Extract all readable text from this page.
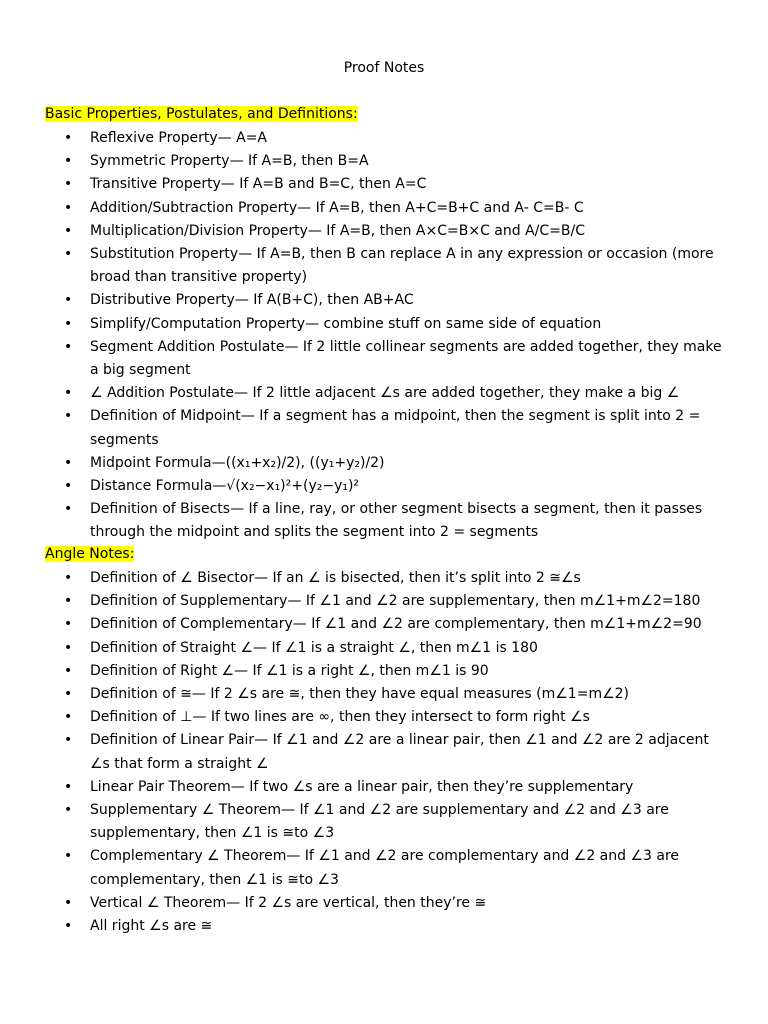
Proof Notes
Basic Properties, Postulates, and Definitions:
• Reflexive Property— A=A
• Symmetric Property— If A=B, then B=A
• Transitive Property— If A=B and B=C, then A=C
• Addition/Subtraction Property— If A=B, then A+C=B+C and A- C=B- C
• Multiplication/Division Property— If A=B, then A×C=B×C and A/C=B/C
• Substitution Property— If A=B, then B can replace A in any expression or occasion (more broad than transitive property)
• Distributive Property— If A(B+C), then AB+AC
• Simplify/Computation Property— combine stuff on same side of equation
• Segment Addition Postulate— If 2 little collinear segments are added together, they make a big segment
• ∠ Addition Postulate— If 2 little adjacent ∠s are added together, they make a big ∠
• Definition of Midpoint— If a segment has a midpoint, then the segment is split into 2 = segments
• Midpoint Formula—((x₁+x₂)/2), ((y₁+y₂)/2)
• Distance Formula—√(x₂−x₁)²+(y₂−y₁)²
• Definition of Bisects— If a line, ray, or other segment bisects a segment, then it passes through the midpoint and splits the segment into 2 = segments
Angle Notes:
• Definition of ∠ Bisector— If an ∠ is bisected, then it’s split into 2 ≅∠s
• Definition of Supplementary— If ∠1 and ∠2 are supplementary, then m∠1+m∠2=180
• Definition of Complementary— If ∠1 and ∠2 are complementary, then m∠1+m∠2=90
• Definition of Straight ∠— If ∠1 is a straight ∠, then m∠1 is 180
• Definition of Right ∠— If ∠1 is a right ∠, then m∠1 is 90
• Definition of ≅— If 2 ∠s are ≅, then they have equal measures (m∠1=m∠2)
• Definition of ⊥— If two lines are ∞, then they intersect to form right ∠s
• Definition of Linear Pair— If ∠1 and ∠2 are a linear pair, then ∠1 and ∠2 are 2 adjacent ∠s that form a straight ∠
• Linear Pair Theorem— If two ∠s are a linear pair, then they’re supplementary
• Supplementary ∠ Theorem— If ∠1 and ∠2 are supplementary and ∠2 and ∠3 are supplementary, then ∠1 is ≅to ∠3
• Complementary ∠ Theorem— If ∠1 and ∠2 are complementary and ∠2 and ∠3 are complementary, then ∠1 is ≅to ∠3
• Vertical ∠ Theorem— If 2 ∠s are vertical, then they’re ≅
• All right ∠s are ≅
